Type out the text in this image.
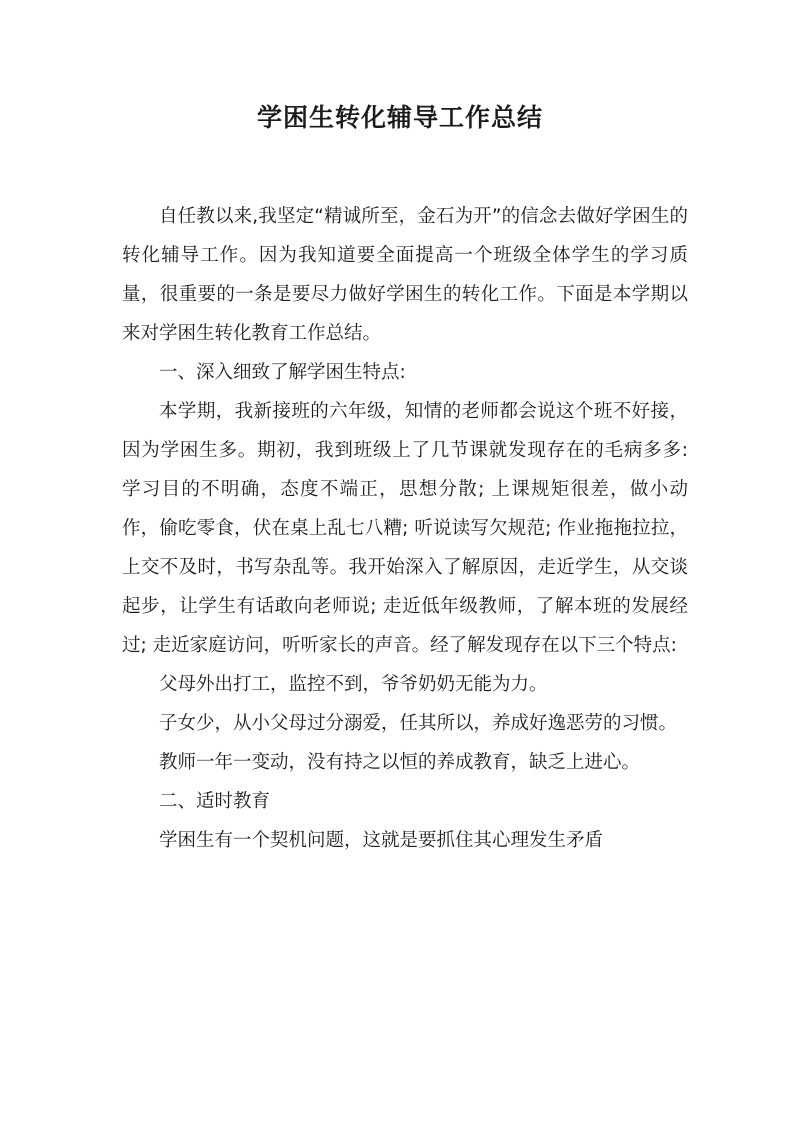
学困生转化辅导工作总结

自任教以来,我坚定“精诚所至，金石为开”的信念去做好学困生的转化辅导工作。因为我知道要全面提高一个班级全体学生的学习质量，很重要的一条是要尽力做好学困生的转化工作。下面是本学期以来对学困生转化教育工作总结。

一、深入细致了解学困生特点:

本学期，我新接班的六年级，知情的老师都会说这个班不好接，因为学困生多。期初，我到班级上了几节课就发现存在的毛病多多: 学习目的不明确，态度不端正，思想分散; 上课规矩很差，做小动作，偷吃零食，伏在桌上乱七八糟; 听说读写欠规范; 作业拖拖拉拉，上交不及时，书写杂乱等。我开始深入了解原因，走近学生，从交谈起步，让学生有话敢向老师说; 走近低年级教师，了解本班的发展经过; 走近家庭访问，听听家长的声音。经了解发现存在以下三个特点:

父母外出打工，监控不到，爷爷奶奶无能为力。

子女少，从小父母过分溺爱，任其所以，养成好逸恶劳的习惯。

教师一年一变动，没有持之以恒的养成教育，缺乏上进心。

二、适时教育

学困生有一个契机问题，这就是要抓住其心理发生矛盾
